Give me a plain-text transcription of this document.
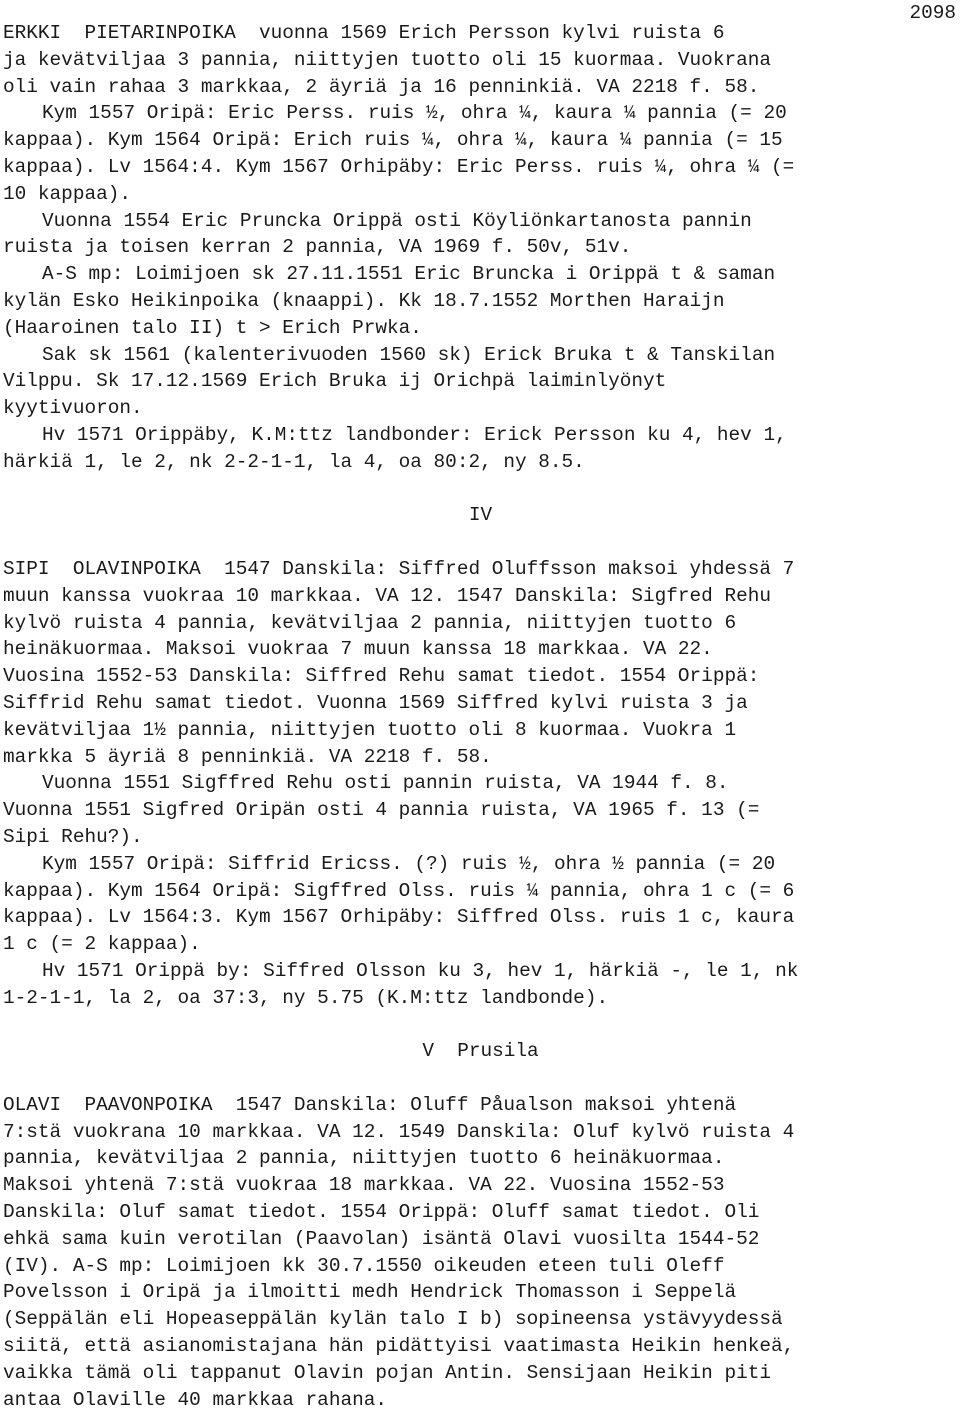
2098
ERKKI  PIETARINPOIKA  vuonna 1569 Erich Persson kylvi ruista 6
ja kevätviljaa 3 pannia, niittyjen tuotto oli 15 kuormaa. Vuokrana
oli vain rahaa 3 markkaa, 2 äyriä ja 16 penninkiä. VA 2218 f. 58.
Kym 1557 Oripä: Eric Perss. ruis ½, ohra ¼, kaura ¼ pannia (= 20
kappaa). Kym 1564 Oripä: Erich ruis ¼, ohra ¼, kaura ¼ pannia (= 15
kappaa). Lv 1564:4. Kym 1567 Orhipäby: Eric Perss. ruis ¼, ohra ¼ (=
10 kappaa).
Vuonna 1554 Eric Pruncka Orippä osti Köyliönkartanosta pannin
ruista ja toisen kerran 2 pannia, VA 1969 f. 50v, 51v.
A-S mp: Loimijoen sk 27.11.1551 Eric Bruncka i Orippä t & saman
kylän Esko Heikinpoika (knaappi). Kk 18.7.1552 Morthen Haraijn
(Haaroinen talo II) t > Erich Prwka.
Sak sk 1561 (kalenterivuoden 1560 sk) Erick Bruka t & Tanskilan
Vilppu. Sk 17.12.1569 Erich Bruka ij Orichpä laiminlyönyt
kyytivuoron.
Hv 1571 Orippäby, K.M:ttz landbonder: Erick Persson ku 4, hev 1,
härkiä 1, le 2, nk 2-2-1-1, la 4, oa 80:2, ny 8.5.
IV
SIPI  OLAVINPOIKA  1547 Danskila: Siffred Oluffsson maksoi yhdessä 7
muun kanssa vuokraa 10 markkaa. VA 12. 1547 Danskila: Sigfred Rehu
kylvö ruista 4 pannia, kevätviljaa 2 pannia, niittyjen tuotto 6
heinäkuormaa. Maksoi vuokraa 7 muun kanssa 18 markkaa. VA 22.
Vuosina 1552-53 Danskila: Siffred Rehu samat tiedot. 1554 Orippä:
Siffrid Rehu samat tiedot. Vuonna 1569 Siffred kylvi ruista 3 ja
kevätviljaa 1½ pannia, niittyjen tuotto oli 8 kuormaa. Vuokra 1
markka 5 äyriä 8 penninkiä. VA 2218 f. 58.
Vuonna 1551 Sigffred Rehu osti pannin ruista, VA 1944 f. 8.
Vuonna 1551 Sigfred Oripän osti 4 pannia ruista, VA 1965 f. 13 (=
Sipi Rehu?).
Kym 1557 Oripä: Siffrid Ericss. (?) ruis ½, ohra ½ pannia (= 20
kappaa). Kym 1564 Oripä: Sigffred Olss. ruis ¼ pannia, ohra 1 c (= 6
kappaa). Lv 1564:3. Kym 1567 Orhipäby: Siffred Olss. ruis 1 c, kaura
1 c (= 2 kappaa).
Hv 1571 Orippä by: Siffred Olsson ku 3, hev 1, härkiä -, le 1, nk
1-2-1-1, la 2, oa 37:3, ny 5.75 (K.M:ttz landbonde).
V  Prusila
OLAVI  PAAVONPOIKA  1547 Danskila: Oluff Påualson maksoi yhtenä
7:stä vuokrana 10 markkaa. VA 12. 1549 Danskila: Oluf kylvö ruista 4
pannia, kevätviljaa 2 pannia, niittyjen tuotto 6 heinäkuormaa.
Maksoi yhtenä 7:stä vuokraa 18 markkaa. VA 22. Vuosina 1552-53
Danskila: Oluf samat tiedot. 1554 Orippä: Oluff samat tiedot. Oli
ehkä sama kuin verotilan (Paavolan) isäntä Olavi vuosilta 1544-52
(IV). A-S mp: Loimijoen kk 30.7.1550 oikeuden eteen tuli Oleff
Povelsson i Oripä ja ilmoitti medh Hendrick Thomasson i Seppelä
(Seppälän eli Hopeaseppälän kylän talo I b) sopineensa ystävyydessä
siitä, että asianomistajana hän pidättyisi vaatimasta Heikin henkeä,
vaikka tämä oli tappanut Olavin pojan Antin. Sensijaan Heikin piti
antaa Olaville 40 markkaa rahana.
